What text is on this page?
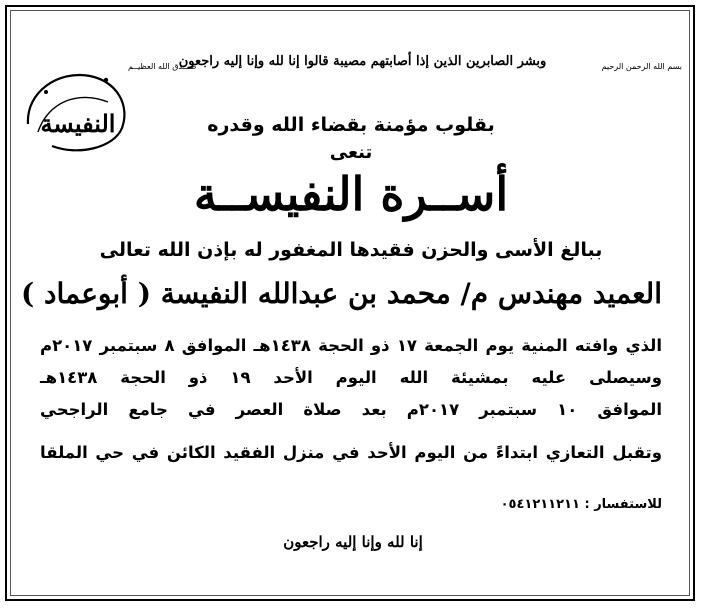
بسم الله الرحمن الرحيم
وبشر الصابرين الذين إذا أصابتهم مصيبة قالوا إنا لله وإنا إليه راجعون
صـــدق الله العظيــم
النفيسة	بقلوب مؤمنة بقضاء الله وقدره
تنعى
أســرة النفيســة
ببالغ الأسى والحزن فقيدها المغفور له بإذن الله تعالى
العميد مهندس م/ محمد بن عبدالله النفيسة ( أبوعماد )
الذي وافته المنية يوم الجمعة ١٧ ذو الحجة ١٤٣٨هـ الموافق ٨ سبتمبر ٢٠١٧م
وسيصلى عليه بمشيئة الله اليوم الأحد ١٩ ذو الحجة ١٤٣٨هـ
الموافق ١٠ سبتمبر ٢٠١٧م بعد صلاة العصر في جامع الراجحي
وتقبل التعازي ابتداءً من اليوم الأحد في منزل الفقيد الكائن في حي الملقا
للاستفسار : ٠٥٤١٢١١٢١١
إنا لله وإنا إليه راجعون
